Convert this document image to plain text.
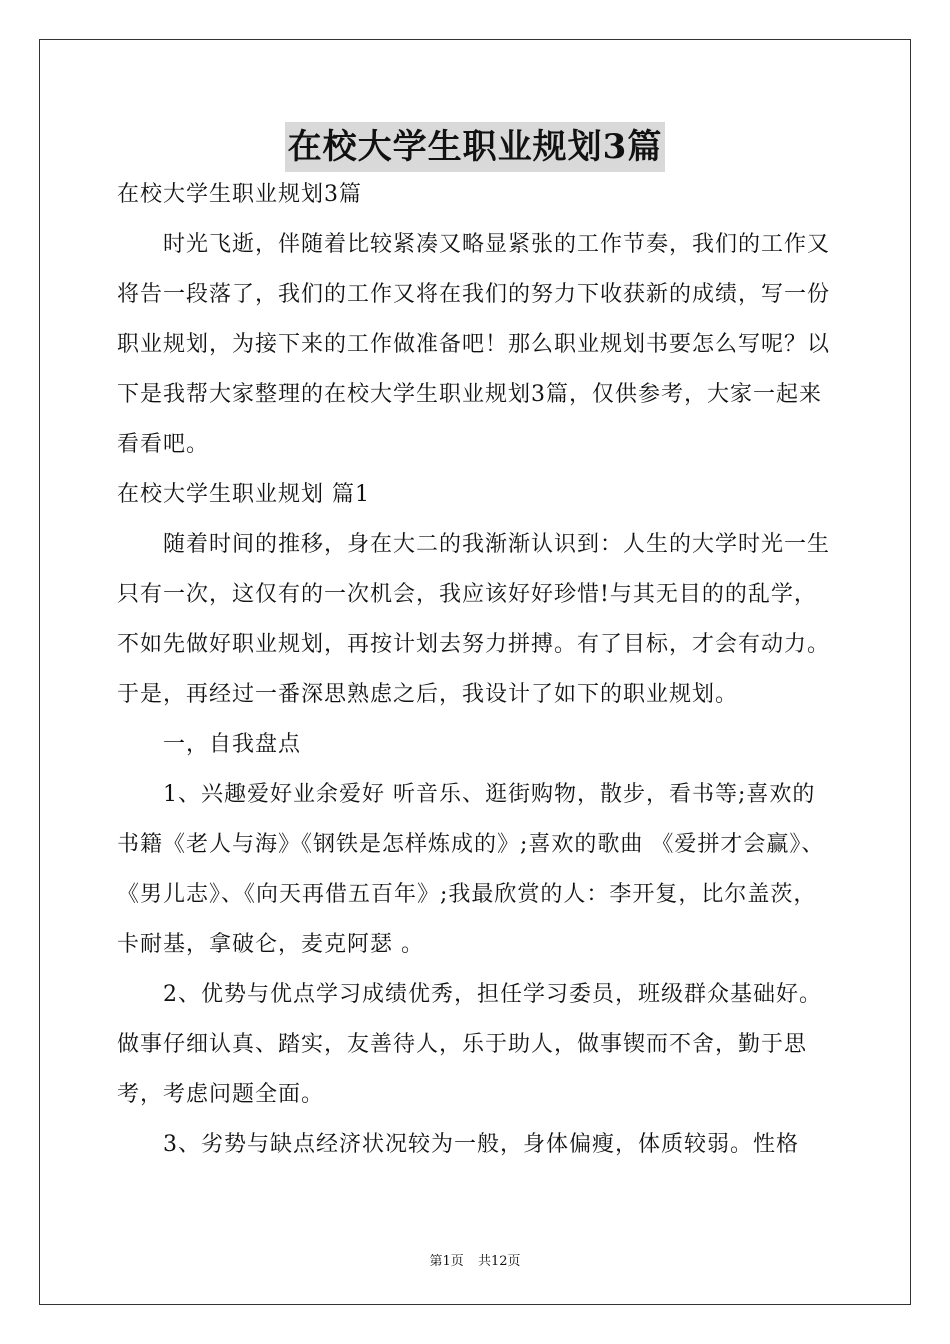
在校大学生职业规划3篇

在校大学生职业规划3篇

时光飞逝，伴随着比较紧凑又略显紧张的工作节奏，我们的工作又将告一段落了，我们的工作又将在我们的努力下收获新的成绩，写一份职业规划，为接下来的工作做准备吧！那么职业规划书要怎么写呢？以下是我帮大家整理的在校大学生职业规划3篇，仅供参考，大家一起来看看吧。

在校大学生职业规划 篇1

随着时间的推移，身在大二的我渐渐认识到：人生的大学时光一生只有一次，这仅有的一次机会，我应该好好珍惜!与其无目的的乱学，不如先做好职业规划，再按计划去努力拼搏。有了目标，才会有动力。于是，再经过一番深思熟虑之后，我设计了如下的职业规划。

一，自我盘点

1、兴趣爱好业余爱好 听音乐、逛街购物，散步，看书等;喜欢的书籍《老人与海》《钢铁是怎样炼成的》;喜欢的歌曲 《爱拼才会赢》、《男儿志》、《向天再借五百年》;我最欣赏的人：李开复，比尔盖茨，卡耐基，拿破仑，麦克阿瑟 。

2、优势与优点学习成绩优秀，担任学习委员，班级群众基础好。做事仔细认真、踏实，友善待人，乐于助人，做事锲而不舍，勤于思考，考虑问题全面。

3、劣势与缺点经济状况较为一般，身体偏瘦，体质较弱。性格

第1页 共12页
